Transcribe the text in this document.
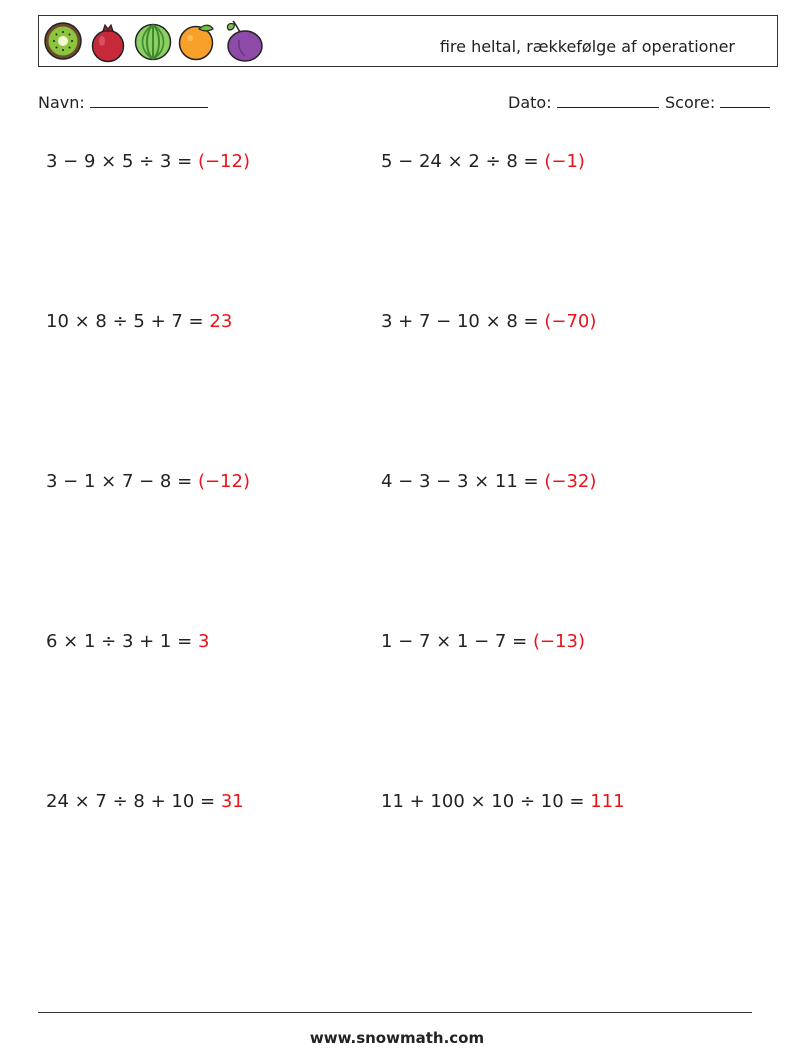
fire heltal, rækkefølge af operationer
Navn:	Dato:	Score:
3 − 9 × 5 ÷ 3 = (−12)	5 − 24 × 2 ÷ 8 = (−1)
10 × 8 ÷ 5 + 7 = 23	3 + 7 − 10 × 8 = (−70)
3 − 1 × 7 − 8 = (−12)	4 − 3 − 3 × 11 = (−32)
6 × 1 ÷ 3 + 1 = 3	1 − 7 × 1 − 7 = (−13)
24 × 7 ÷ 8 + 10 = 31	11 + 100 × 10 ÷ 10 = 111
www.snowmath.com
